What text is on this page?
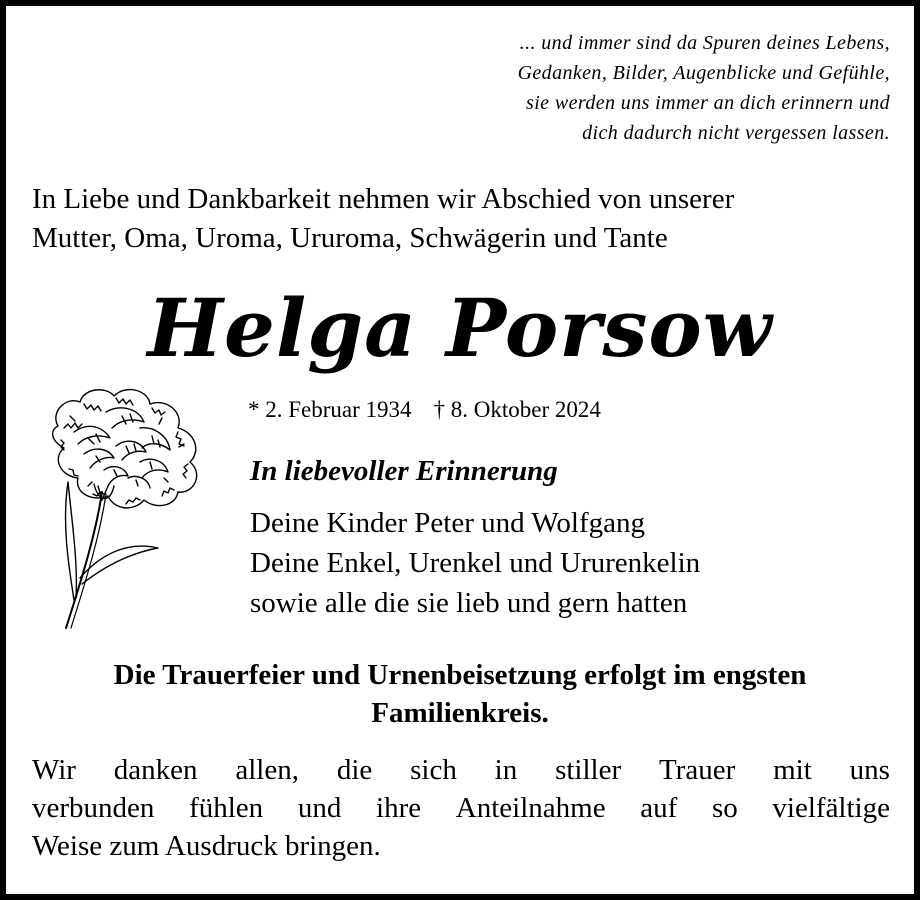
... und immer sind da Spuren deines Lebens,
Gedanken, Bilder, Augenblicke und Gefühle,
sie werden uns immer an dich erinnern und
dich dadurch nicht vergessen lassen.
In Liebe und Dankbarkeit nehmen wir Abschied von unserer
Mutter, Oma, Uroma, Ururoma, Schwägerin und Tante
Helga Porsow
* 2. Februar 1934 † 8. Oktober 2024
In liebevoller Erinnerung
Deine Kinder Peter und Wolfgang
Deine Enkel, Urenkel und Ururenkelin
sowie alle die sie lieb und gern hatten
Die Trauerfeier und Urnenbeisetzung erfolgt im engsten
Familienkreis.
Wir danken allen, die sich in stiller Trauer mit uns
verbunden fühlen und ihre Anteilnahme auf so vielfältige
Weise zum Ausdruck bringen.
